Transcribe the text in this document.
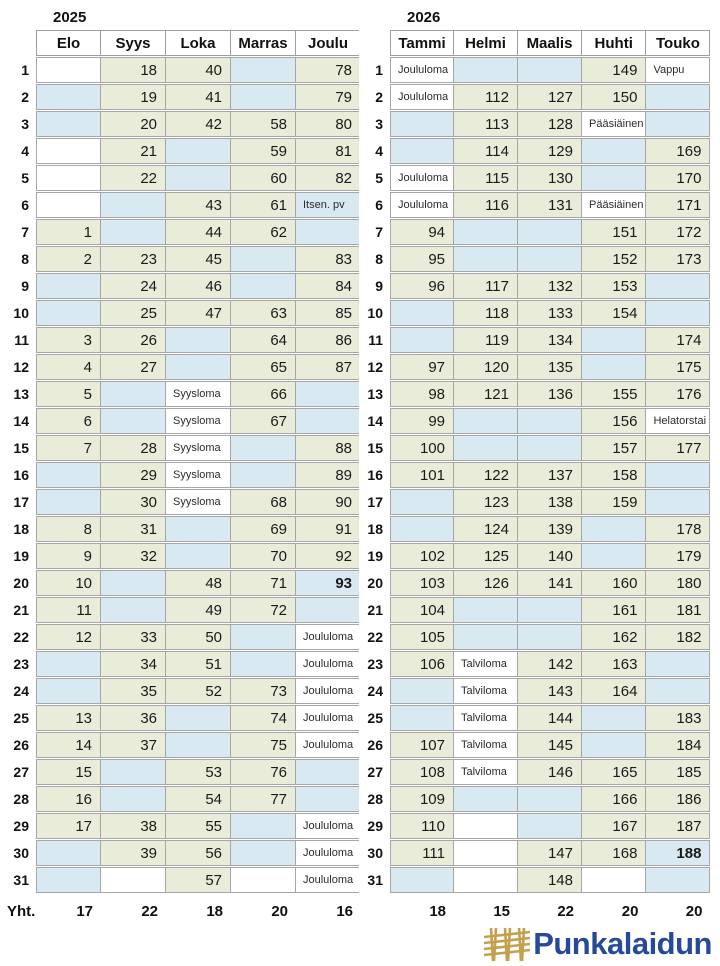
2025
	Elo	Syys	Loka	Marras	Joulu
1		18	40		78
2		19	41		79
3		20	42	58	80
4		21		59	81
5		22		60	82
6			43	61	Itsen. pv
7	1		44	62	
8	2	23	45		83
9		24	46		84
10		25	47	63	85
11	3	26		64	86
12	4	27		65	87
13	5		Syysloma	66	
14	6		Syysloma	67	
15	7	28	Syysloma		88
16		29	Syysloma		89
17		30	Syysloma	68	90
18	8	31		69	91
19	9	32		70	92
20	10		48	71	93
21	11		49	72	
22	12	33	50		Joululoma
23		34	51		Joululoma
24		35	52	73	Joululoma
25	13	36		74	Joululoma
26	14	37		75	Joululoma
27	15		53	76	
28	16		54	77	
29	17	38	55		Joululoma
30		39	56		Joululoma
31			57		Joululoma
Yht.	17	22	18	20	16
2026
	Tammi	Helmi	Maalis	Huhti	Touko
1	Joululoma			149	Vappu
2	Joululoma	112	127	150	
3		113	128	Pääsiäinen	
4		114	129		169
5	Joululoma	115	130		170
6	Joululoma	116	131	Pääsiäinen	171
7	94			151	172
8	95			152	173
9	96	117	132	153	
10		118	133	154	
11		119	134		174
12	97	120	135		175
13	98	121	136	155	176
14	99			156	Helatorstai
15	100			157	177
16	101	122	137	158	
17		123	138	159	
18		124	139		178
19	102	125	140		179
20	103	126	141	160	180
21	104			161	181
22	105			162	182
23	106	Talviloma	142	163	
24		Talviloma	143	164	
25		Talviloma	144		183
26	107	Talviloma	145		184
27	108	Talviloma	146	165	185
28	109			166	186
29	110			167	187
30	111		147	168	188
31			148		
	18	15	22	20	20
Punkalaidun
